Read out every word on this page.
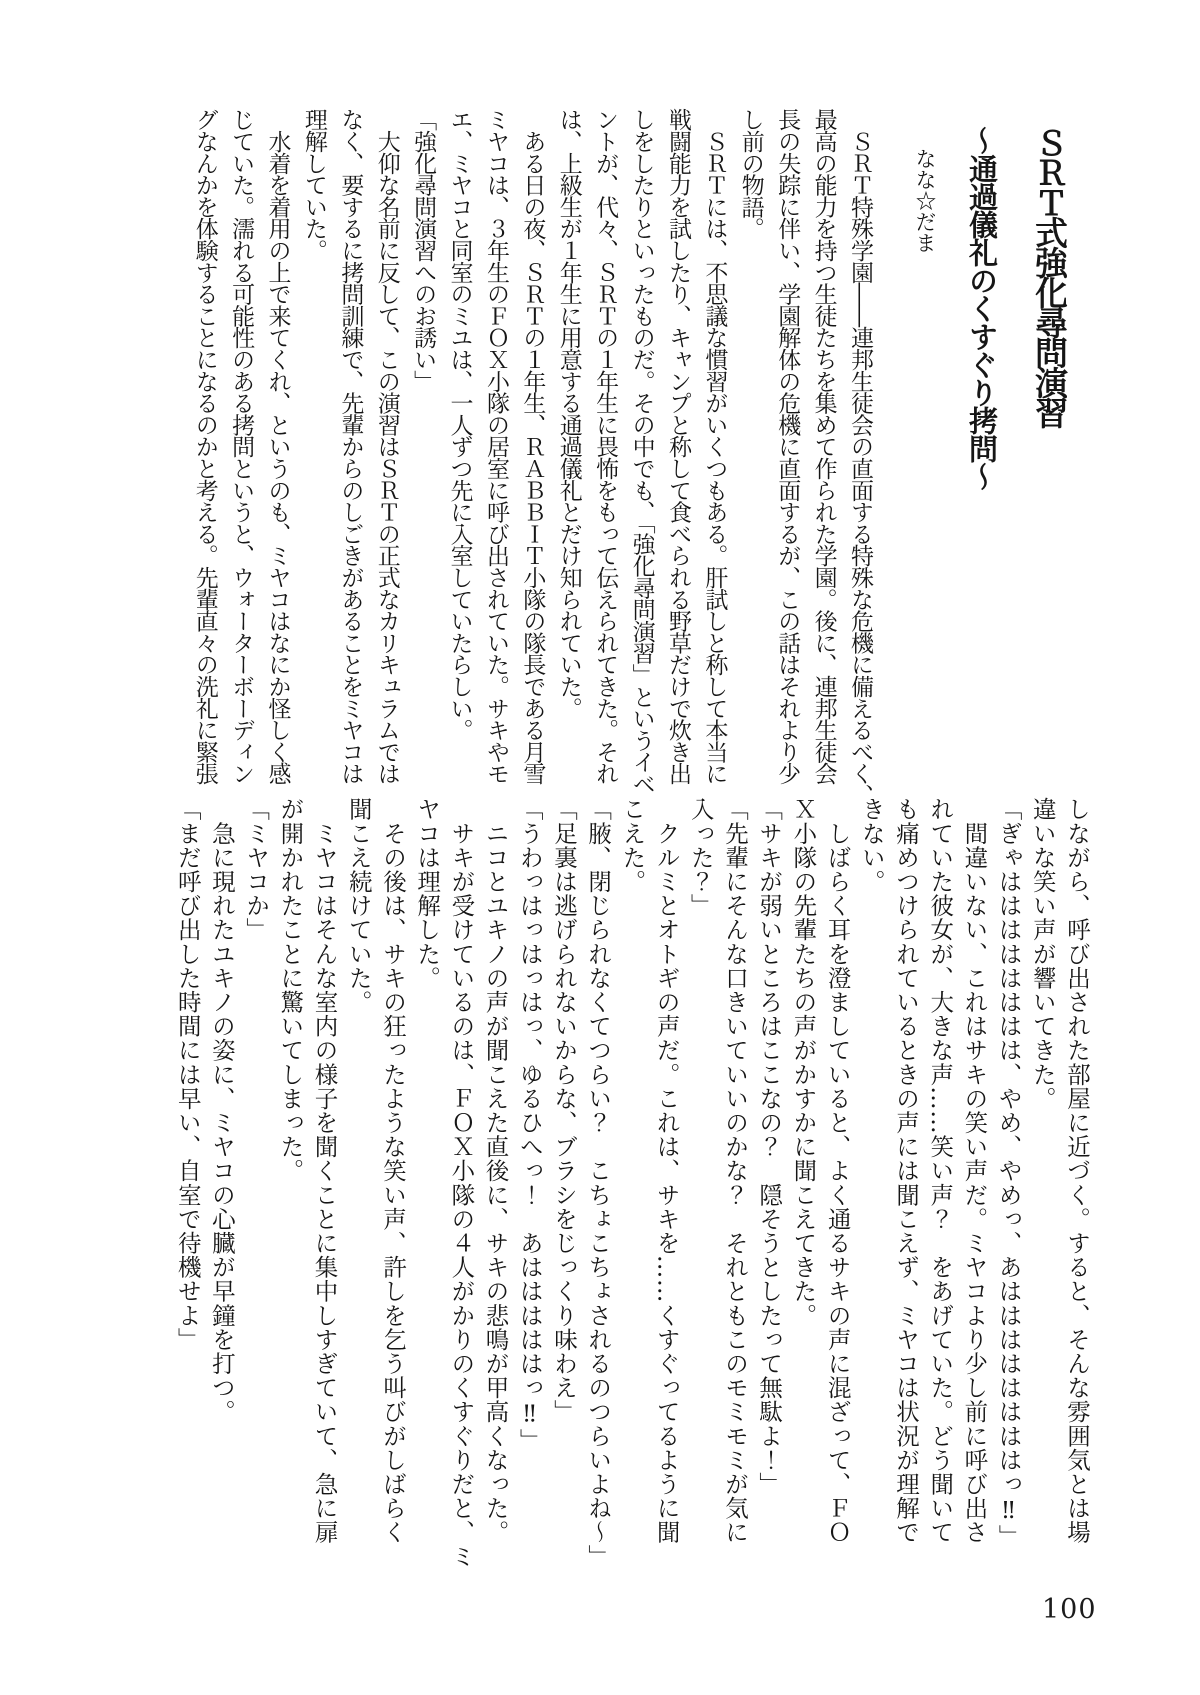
ＳＲＴ式強化尋問演習
～通過儀礼のくすぐり拷問～
なな☆だま

　ＳＲＴ特殊学園――連邦生徒会の直面する特殊な危機に備えるべく、

最高の能力を持つ生徒たちを集めて作られた学園。後に、連邦生徒会

長の失踪に伴い、学園解体の危機に直面するが、この話はそれより少

し前の物語。

　ＳＲＴには、不思議な慣習がいくつもある。肝試しと称して本当に

戦闘能力を試したり、キャンプと称して食べられる野草だけで炊き出

しをしたりといったものだ。その中でも、「強化尋問演習」というイベ

ントが、代々、ＳＲＴの１年生に畏怖をもって伝えられてきた。それ

は、上級生が１年生に用意する通過儀礼とだけ知られていた。

　ある日の夜、ＳＲＴの１年生、ＲＡＢＢＩＴ小隊の隊長である月雪

ミヤコは、３年生のＦＯＸ小隊の居室に呼び出されていた。サキやモ

エ、ミヤコと同室のミユは、一人ずつ先に入室していたらしい。

「強化尋問演習へのお誘い」

　大仰な名前に反して、この演習はＳＲＴの正式なカリキュラムでは

なく、要するに拷問訓練で、先輩からのしごきがあることをミヤコは

理解していた。

　水着を着用の上で来てくれ、というのも、ミヤコはなにか怪しく感

じていた。濡れる可能性のある拷問というと、ウォーターボーディン

グなんかを体験することになるのかと考える。先輩直々の洗礼に緊張

しながら、呼び出された部屋に近づく。すると、そんな雰囲気とは場

違いな笑い声が響いてきた。

「ぎゃはははははははは、やめ、やめっ、あははははははははっ‼」

　間違いない、これはサキの笑い声だ。ミヤコより少し前に呼び出さ

れていた彼女が、大きな声……笑い声？　をあげていた。どう聞いて

も痛めつけられているときの声には聞こえず、ミヤコは状況が理解で

きない。

　しばらく耳を澄ましていると、よく通るサキの声に混ざって、ＦＯ

Ｘ小隊の先輩たちの声がかすかに聞こえてきた。

「サキが弱いところはここなの？　隠そうとしたって無駄よ！」

「先輩にそんな口きいていいのかな？　それともこのモミモミが気に

入った？」

　クルミとオトギの声だ。これは、サキを……くすぐってるように聞

こえた。

「腋、閉じられなくてつらい？　こちょこちょされるのつらいよね～」

「足裏は逃げられないからな、ブラシをじっくり味わえ」

「うわっはっはっはっ、ゆるひへっ！　あはははははっ‼」

　ニコとユキノの声が聞こえた直後に、サキの悲鳴が甲高くなった。

　サキが受けているのは、ＦＯＸ小隊の４人がかりのくすぐりだと、ミ

ヤコは理解した。

　その後は、サキの狂ったような笑い声、許しを乞う叫びがしばらく

聞こえ続けていた。

　ミヤコはそんな室内の様子を聞くことに集中しすぎていて、急に扉

が開かれたことに驚いてしまった。

「ミヤコか」

　急に現れたユキノの姿に、ミヤコの心臓が早鐘を打つ。

「まだ呼び出した時間には早い、自室で待機せよ」

100
